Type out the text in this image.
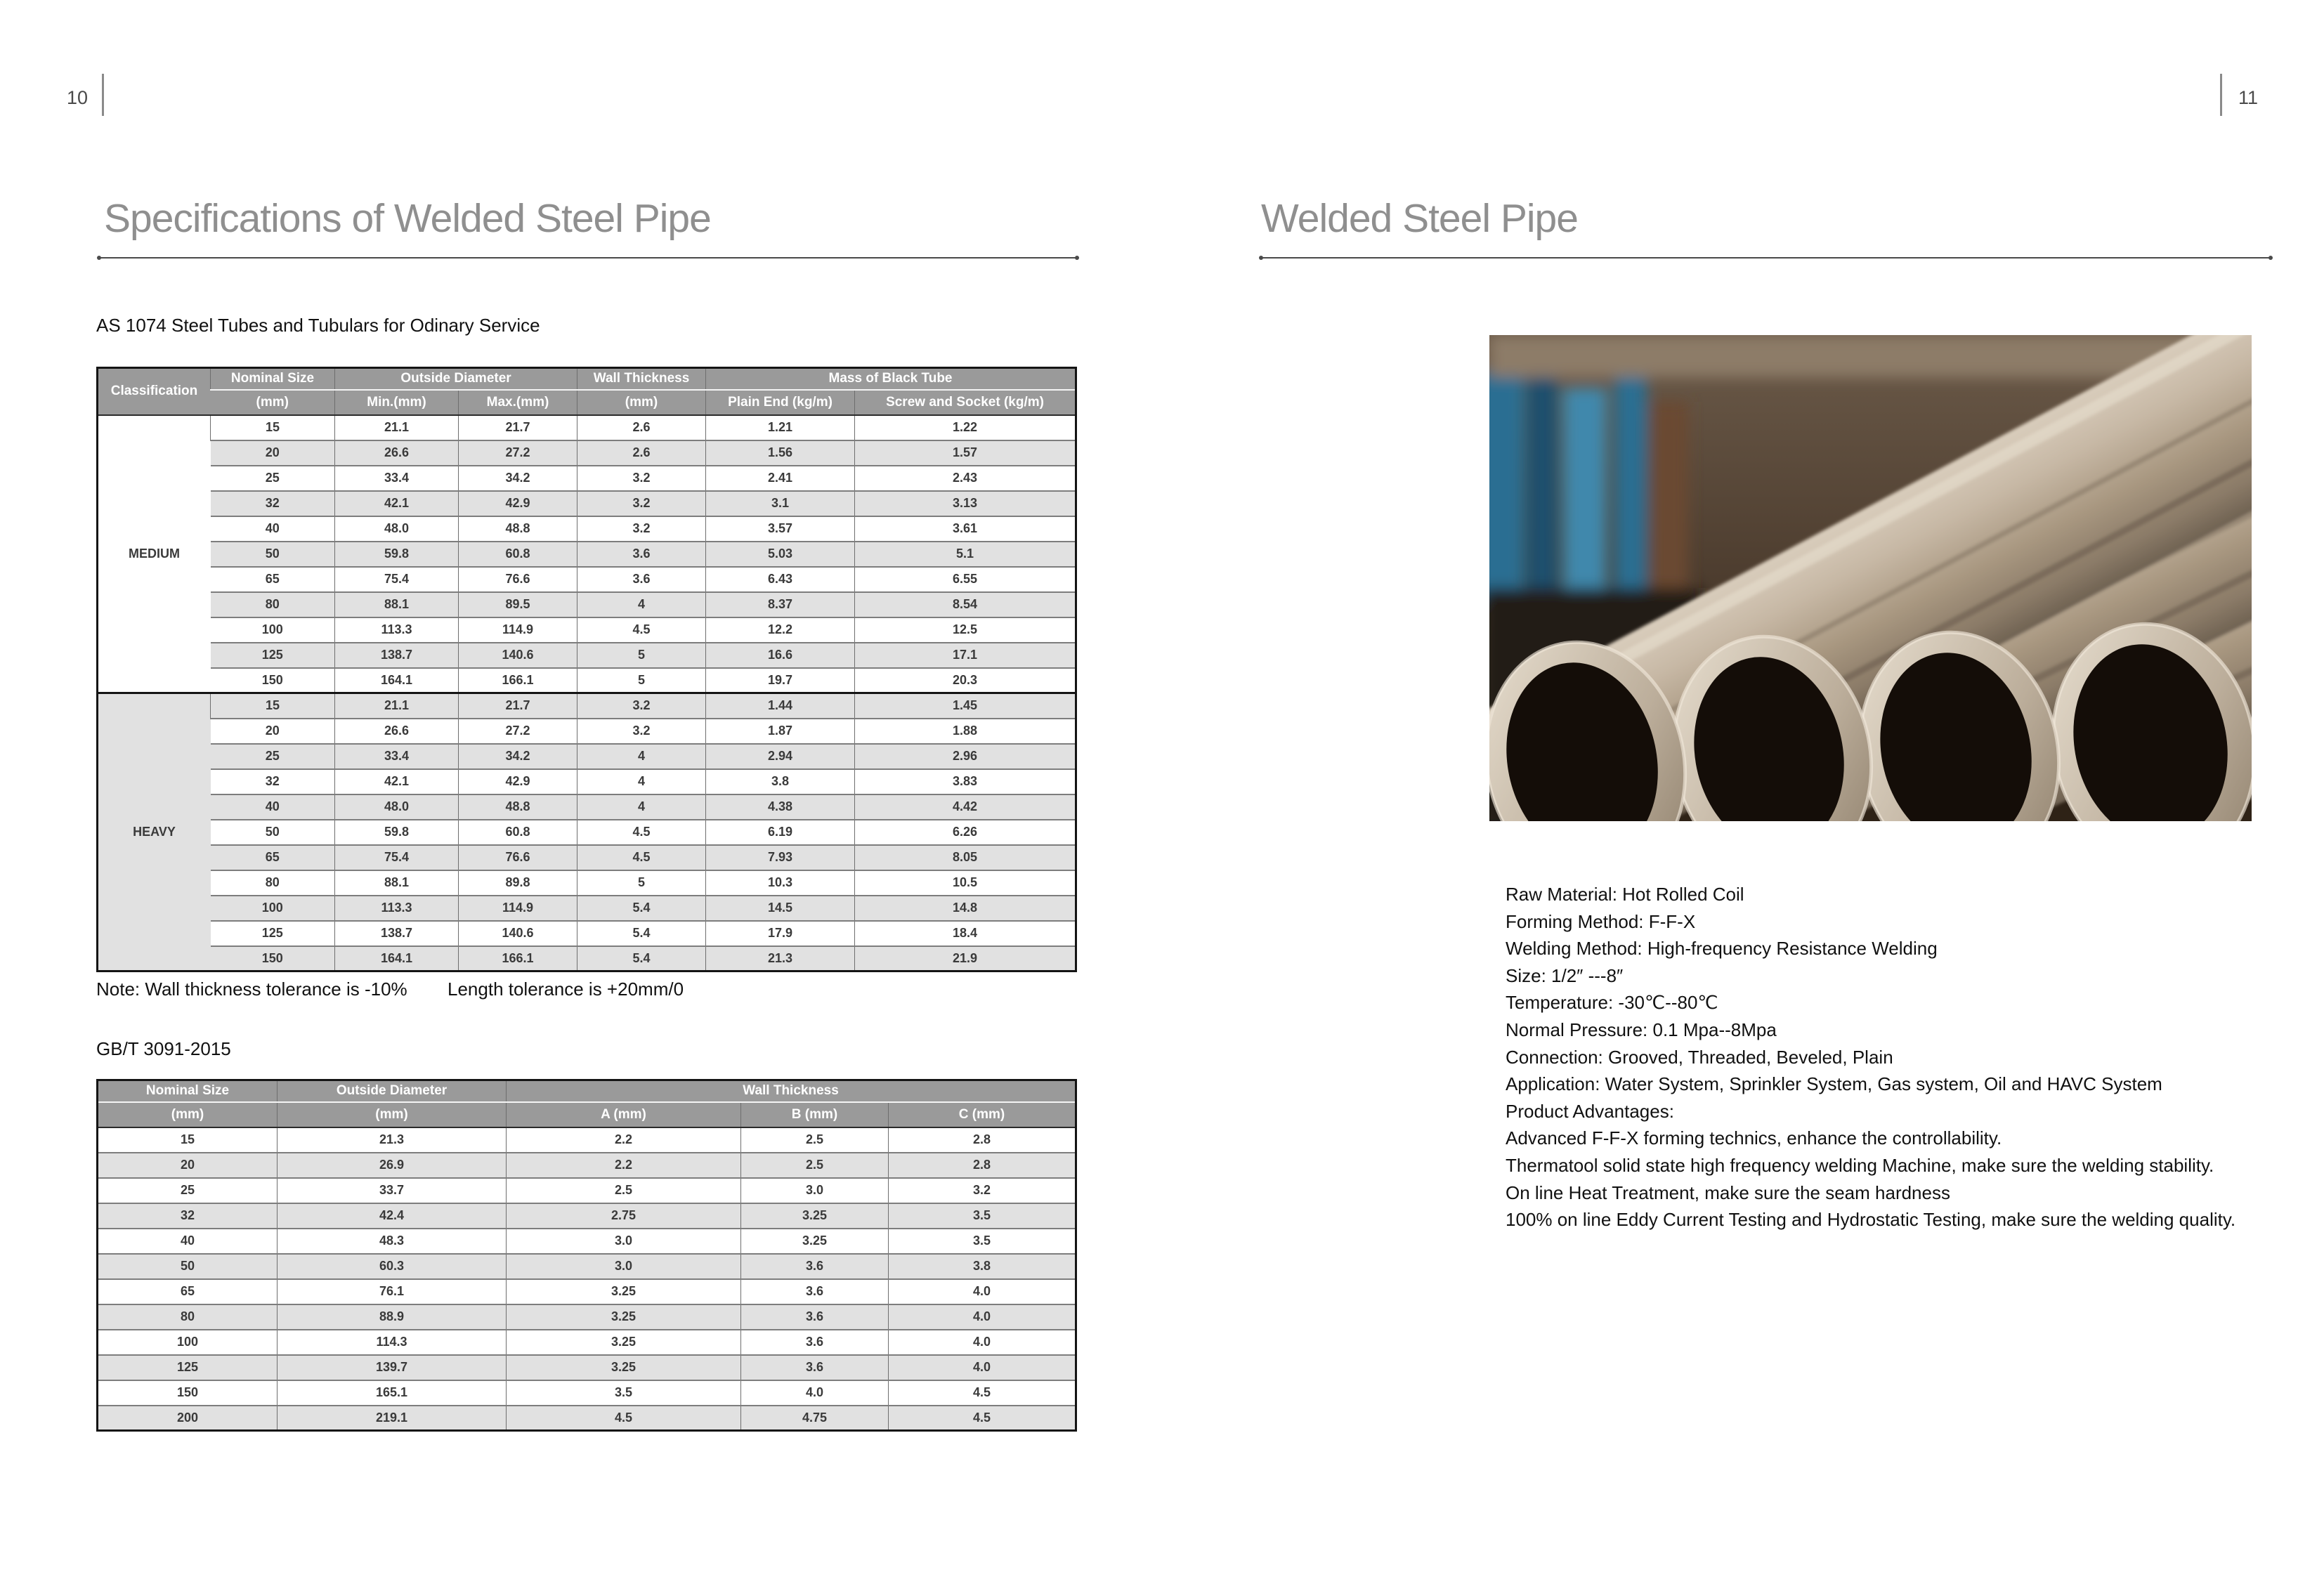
10
Specifications of Welded Steel Pipe
AS 1074 Steel Tubes and Tubulars for Odinary Service
Classification	Nominal Size	Outside Diameter		Wall Thickness	Mass of Black Tube	
	(mm)	Min.(mm)	Max.(mm)	(mm)	Plain End (kg/m)	Screw and Socket (kg/m)
MEDIUM	15	21.1	21.7	2.6	1.21	1.22
	20	26.6	27.2	2.6	1.56	1.57
	25	33.4	34.2	3.2	2.41	2.43
	32	42.1	42.9	3.2	3.1	3.13
	40	48.0	48.8	3.2	3.57	3.61
	50	59.8	60.8	3.6	5.03	5.1
	65	75.4	76.6	3.6	6.43	6.55
	80	88.1	89.5	4	8.37	8.54
	100	113.3	114.9	4.5	12.2	12.5
	125	138.7	140.6	5	16.6	17.1
	150	164.1	166.1	5	19.7	20.3
HEAVY	15	21.1	21.7	3.2	1.44	1.45
	20	26.6	27.2	3.2	1.87	1.88
	25	33.4	34.2	4	2.94	2.96
	32	42.1	42.9	4	3.8	3.83
	40	48.0	48.8	4	4.38	4.42
	50	59.8	60.8	4.5	6.19	6.26
	65	75.4	76.6	4.5	7.93	8.05
	80	88.1	89.8	5	10.3	10.5
	100	113.3	114.9	5.4	14.5	14.8
	125	138.7	140.6	5.4	17.9	18.4
	150	164.1	166.1	5.4	21.3	21.9
Note: Wall thickness tolerance is -10% Length tolerance is +20mm/0
GB/T 3091-2015
Nominal Size	Outside Diameter	Wall Thickness		
(mm)	(mm)	A (mm)	B (mm)	C (mm)
15	21.3	2.2	2.5	2.8
20	26.9	2.2	2.5	2.8
25	33.7	2.5	3.0	3.2
32	42.4	2.75	3.25	3.5
40	48.3	3.0	3.25	3.5
50	60.3	3.0	3.6	3.8
65	76.1	3.25	3.6	4.0
80	88.9	3.25	3.6	4.0
100	114.3	3.25	3.6	4.0
125	139.7	3.25	3.6	4.0
150	165.1	3.5	4.0	4.5
200	219.1	4.5	4.75	4.5
11
Welded Steel Pipe
Raw Material: Hot Rolled Coil
Forming Method: F-F-X
Welding Method: High-frequency Resistance Welding
Size: 1/2″ ---8″
Temperature: -30℃--80℃
Normal Pressure: 0.1 Mpa--8Mpa
Connection: Grooved, Threaded, Beveled, Plain
Application: Water System, Sprinkler System, Gas system, Oil and HAVC System
Product Advantages:
Advanced F-F-X forming technics, enhance the controllability.
Thermatool solid state high frequency welding Machine, make sure the welding stability.
On line Heat Treatment, make sure the seam hardness
100% on line Eddy Current Testing and Hydrostatic Testing, make sure the welding quality.
